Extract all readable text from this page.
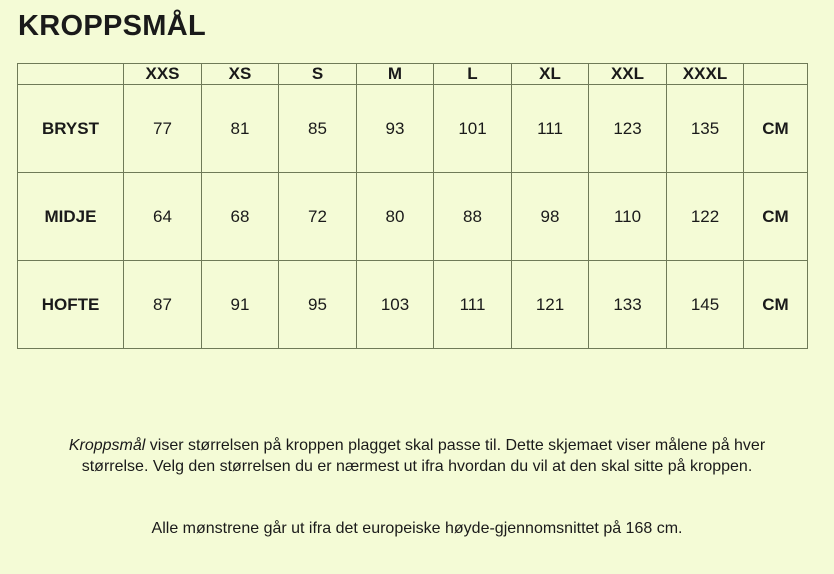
KROPPSMÅL
	XXS	XS	S	M	L	XL	XXL	XXXL	
BRYST	77	81	85	93	101	111	123	135	CM
MIDJE	64	68	72	80	88	98	110	122	CM
HOFTE	87	91	95	103	111	121	133	145	CM

Kroppsmål viser størrelsen på kroppen plagget skal passe til. Dette skjemaet viser målene på hver størrelse. Velg den størrelsen du er nærmest ut ifra hvordan du vil at den skal sitte på kroppen.

Alle mønstrene går ut ifra det europeiske høyde-gjennomsnittet på 168 cm.
